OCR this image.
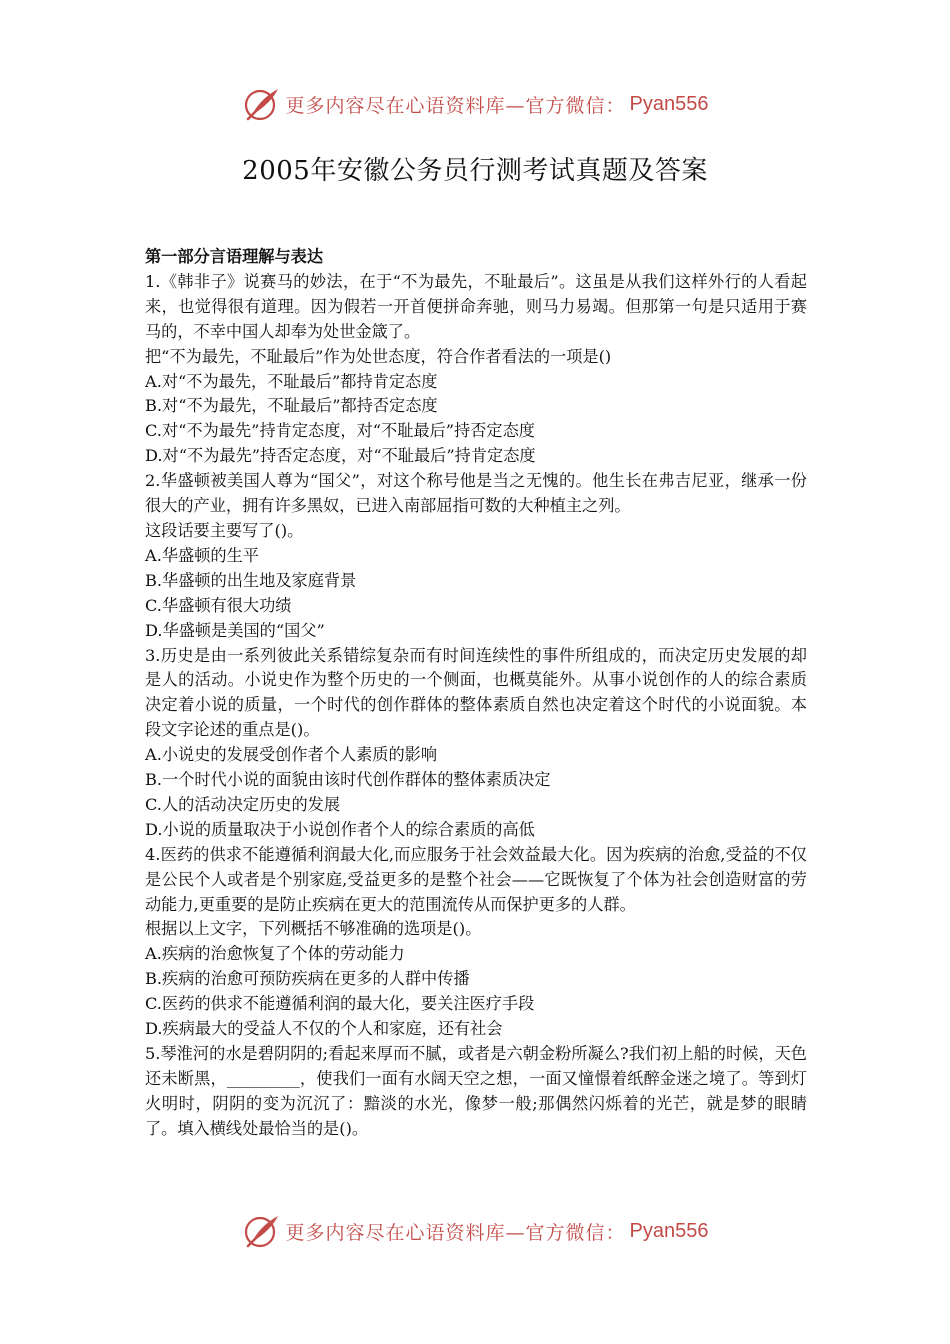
更多内容尽在心语资料库—官方微信： Pyan556
2005年安徽公务员行测考试真题及答案
第一部分言语理解与表达
1.《韩非子》说赛马的妙法，在于“不为最先，不耻最后”。这虽是从我们这样外行的人看起来，也觉得很有道理。因为假若一开首便拼命奔驰，则马力易竭。但那第一句是只适用于赛马的，不幸中国人却奉为处世金箴了。
把“不为最先，不耻最后”作为处世态度，符合作者看法的一项是()
A.对“不为最先，不耻最后”都持肯定态度
B.对“不为最先，不耻最后”都持否定态度
C.对“不为最先”持肯定态度，对“不耻最后”持否定态度
D.对“不为最先”持否定态度，对“不耻最后”持肯定态度
2.华盛顿被美国人尊为“国父”，对这个称号他是当之无愧的。他生长在弗吉尼亚，继承一份很大的产业，拥有许多黑奴，已进入南部屈指可数的大种植主之列。
这段话要主要写了()。
A.华盛顿的生平
B.华盛顿的出生地及家庭背景
C.华盛顿有很大功绩
D.华盛顿是美国的“国父”
3.历史是由一系列彼此关系错综复杂而有时间连续性的事件所组成的，而决定历史发展的却是人的活动。小说史作为整个历史的一个侧面，也概莫能外。从事小说创作的人的综合素质决定着小说的质量，一个时代的创作群体的整体素质自然也决定着这个时代的小说面貌。本段文字论述的重点是()。
A.小说史的发展受创作者个人素质的影响
B.一个时代小说的面貌由该时代创作群体的整体素质决定
C.人的活动决定历史的发展
D.小说的质量取决于小说创作者个人的综合素质的高低
4.医药的供求不能遵循利润最大化,而应服务于社会效益最大化。因为疾病的治愈,受益的不仅是公民个人或者是个别家庭,受益更多的是整个社会——它既恢复了个体为社会创造财富的劳动能力,更重要的是防止疾病在更大的范围流传从而保护更多的人群。
根据以上文字，下列概括不够准确的选项是()。
A.疾病的治愈恢复了个体的劳动能力
B.疾病的治愈可预防疾病在更多的人群中传播
C.医药的供求不能遵循利润的最大化，要关注医疗手段
D.疾病最大的受益人不仅的个人和家庭，还有社会
5.琴淮河的水是碧阴阴的;看起来厚而不腻，或者是六朝金粉所凝么?我们初上船的时候，天色还未断黑，_________，使我们一面有水阔天空之想，一面又憧憬着纸醉金迷之境了。等到灯火明时，阴阴的变为沉沉了：黯淡的水光，像梦一般;那偶然闪烁着的光芒，就是梦的眼睛了。填入横线处最恰当的是()。
更多内容尽在心语资料库—官方微信： Pyan556
